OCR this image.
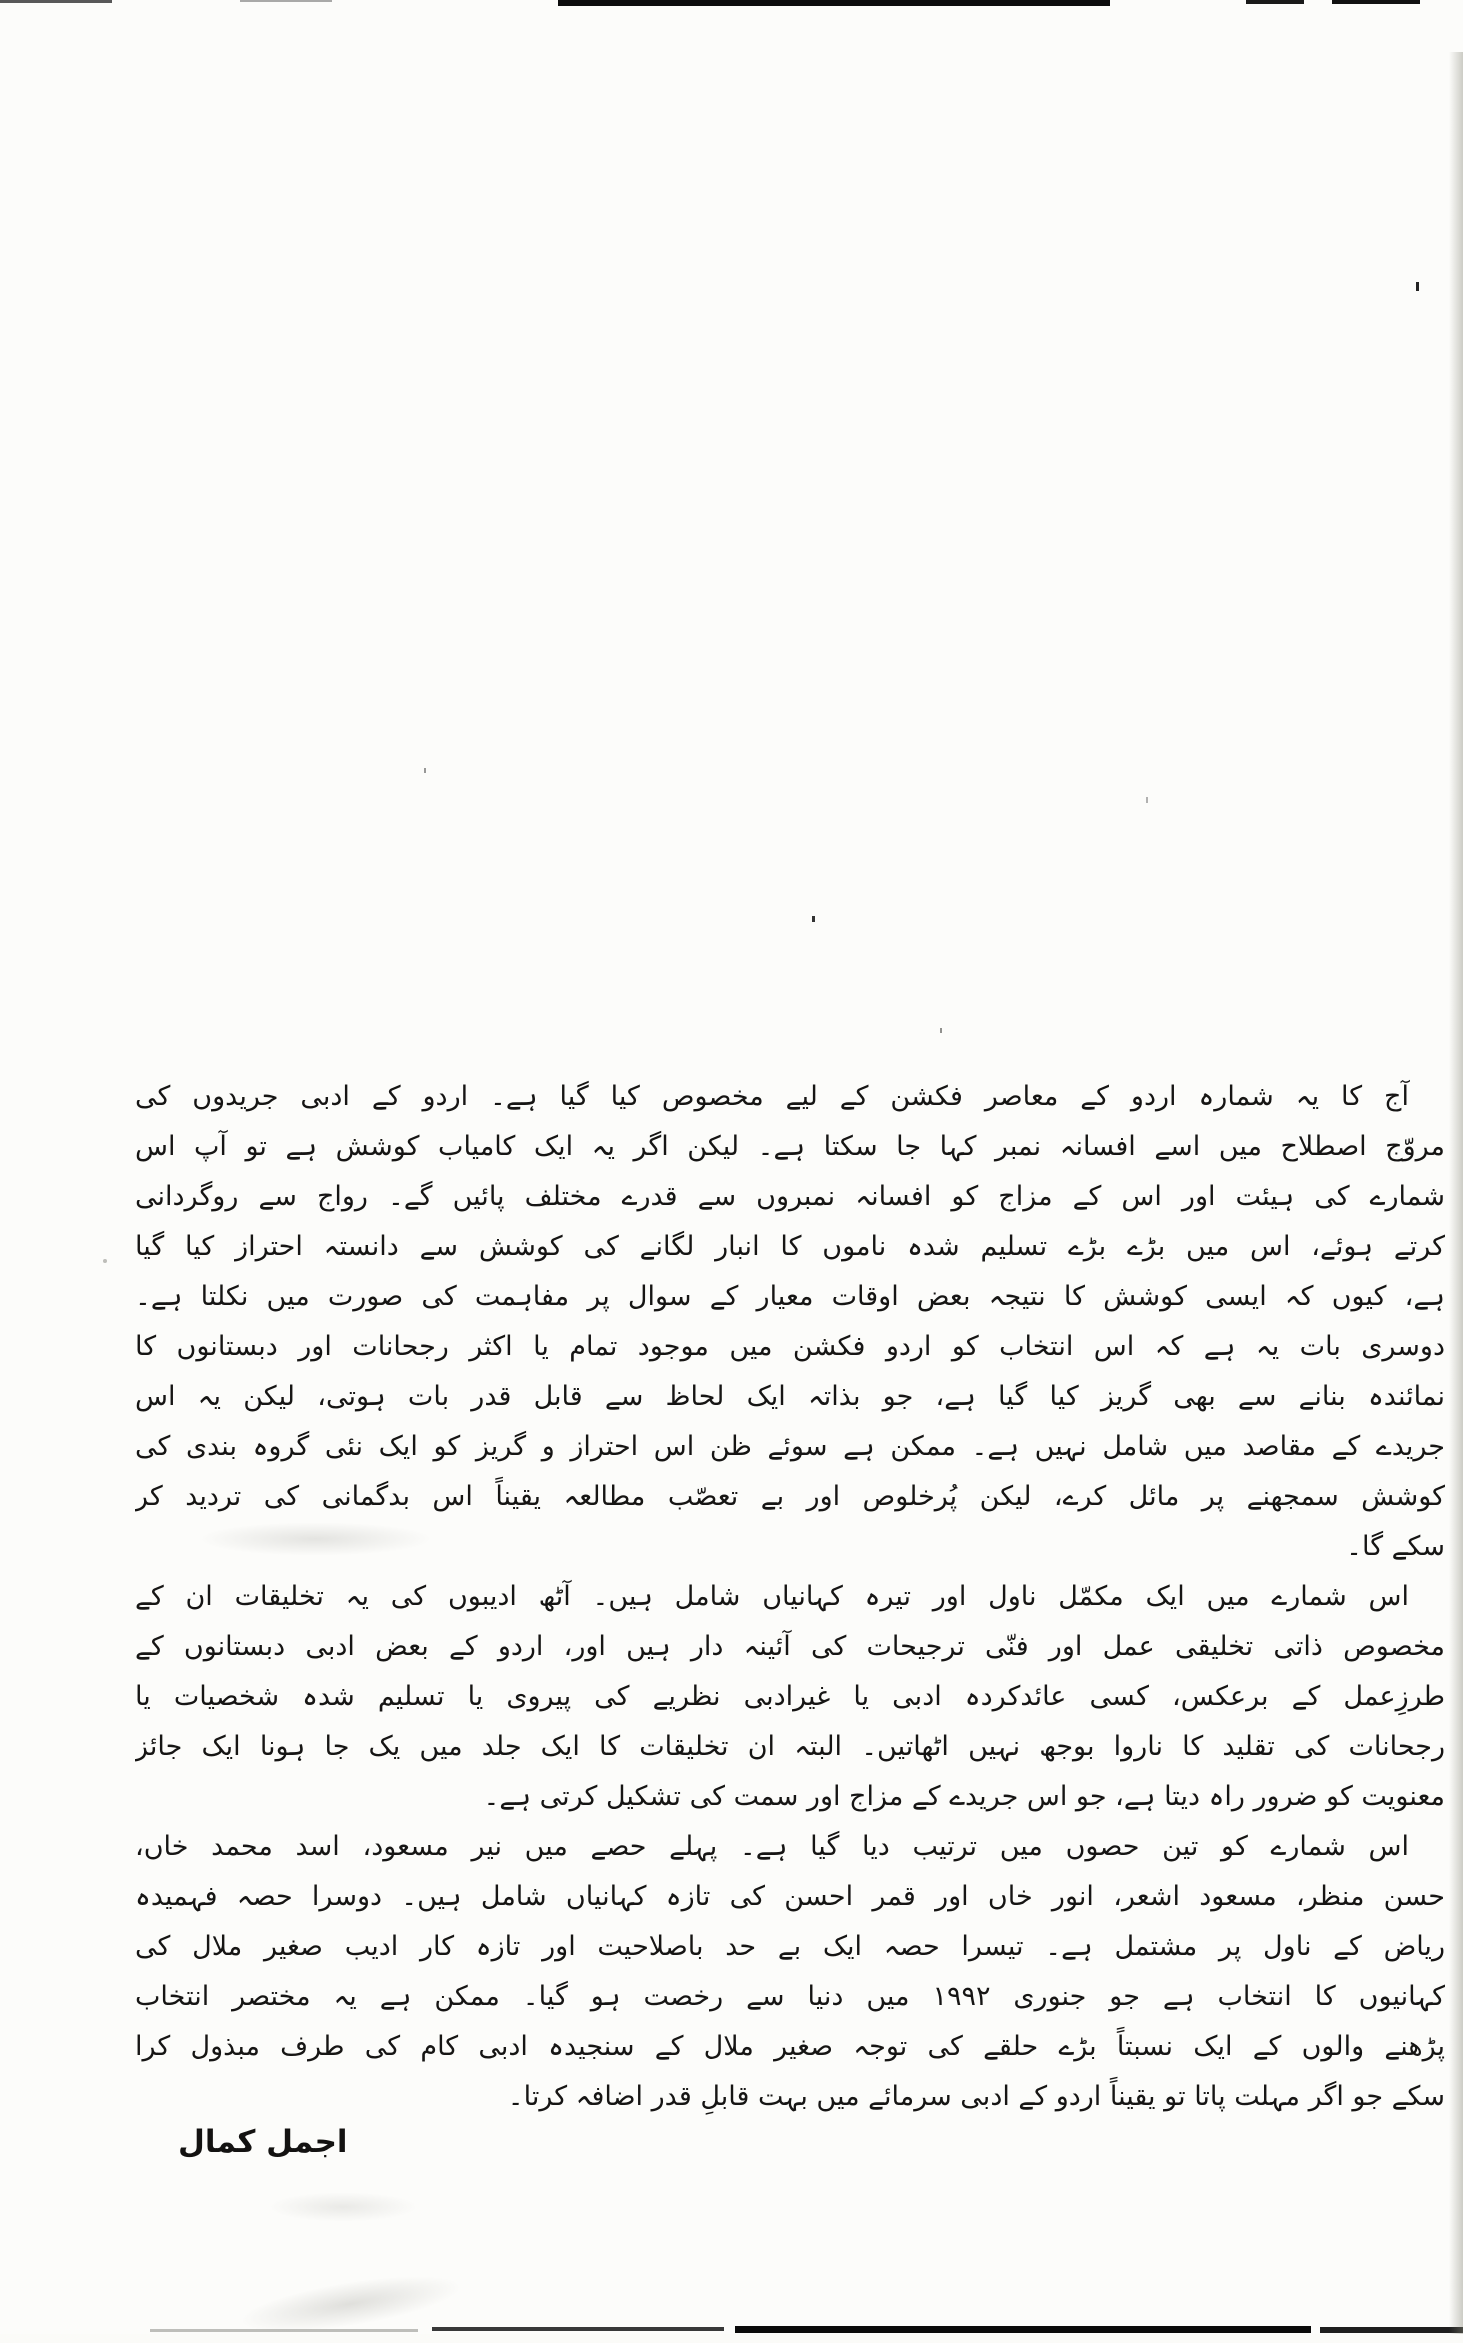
آج کا یہ شمارہ اردو کے معاصر فکشن کے لیے مخصوص کیا گیا ہے۔ اردو کے ادبی جریدوں کی
مروّج اصطلاح میں اسے افسانہ نمبر کہا جا سکتا ہے۔ لیکن اگر یہ ایک کامیاب کوشش ہے تو آپ اس
شمارے کی ہیئت اور اس کے مزاج کو افسانہ نمبروں سے قدرے مختلف پائیں گے۔ رواج سے روگردانی
کرتے ہوئے، اس میں بڑے بڑے تسلیم شدہ ناموں کا انبار لگانے کی کوشش سے دانستہ احتراز کیا گیا
ہے، کیوں کہ ایسی کوشش کا نتیجہ بعض اوقات معیار کے سوال پر مفاہمت کی صورت میں نکلتا ہے۔
دوسری بات یہ ہے کہ اس انتخاب کو اردو فکشن میں موجود تمام یا اکثر رجحانات اور دبستانوں کا
نمائندہ بنانے سے بھی گریز کیا گیا ہے، جو بذاتہ ایک لحاظ سے قابل قدر بات ہوتی، لیکن یہ اس
جریدے کے مقاصد میں شامل نہیں ہے۔ ممکن ہے سوئے ظن اس احتراز و گریز کو ایک نئی گروہ بندی کی
کوشش سمجھنے پر مائل کرے، لیکن پُرخلوص اور بے تعصّب مطالعہ یقیناً اس بدگمانی کی تردید کر
سکے گا۔
اس شمارے میں ایک مکمّل ناول اور تیرہ کہانیاں شامل ہیں۔ آٹھ ادیبوں کی یہ تخلیقات ان کے
مخصوص ذاتی تخلیقی عمل اور فنّی ترجیحات کی آئینہ دار ہیں اور، اردو کے بعض ادبی دبستانوں کے
طرزِعمل کے برعکس، کسی عائدکردہ ادبی یا غیرادبی نظریے کی پیروی یا تسلیم شدہ شخصیات یا
رجحانات کی تقلید کا ناروا بوجھ نہیں اٹھاتیں۔ البتہ ان تخلیقات کا ایک جلد میں یک جا ہونا ایک جائز
معنویت کو ضرور راہ دیتا ہے، جو اس جریدے کے مزاج اور سمت کی تشکیل کرتی ہے۔
اس شمارے کو تین حصوں میں ترتیب دیا گیا ہے۔ پہلے حصے میں نیر مسعود، اسد محمد خاں،
حسن منظر، مسعود اشعر، انور خاں اور قمر احسن کی تازہ کہانیاں شامل ہیں۔ دوسرا حصہ فہمیدہ
ریاض کے ناول پر مشتمل ہے۔ تیسرا حصہ ایک بے حد باصلاحیت اور تازہ کار ادیب صغیر ملال کی
کہانیوں کا انتخاب ہے جو جنوری ۱۹۹۲ میں دنیا سے رخصت ہو گیا۔ ممکن ہے یہ مختصر انتخاب
پڑھنے والوں کے ایک نسبتاً بڑے حلقے کی توجہ صغیر ملال کے سنجیدہ ادبی کام کی طرف مبذول کرا
سکے جو اگر مہلت پاتا تو یقیناً اردو کے ادبی سرمائے میں بہت قابلِ قدر اضافہ کرتا۔
اجمل کمال
